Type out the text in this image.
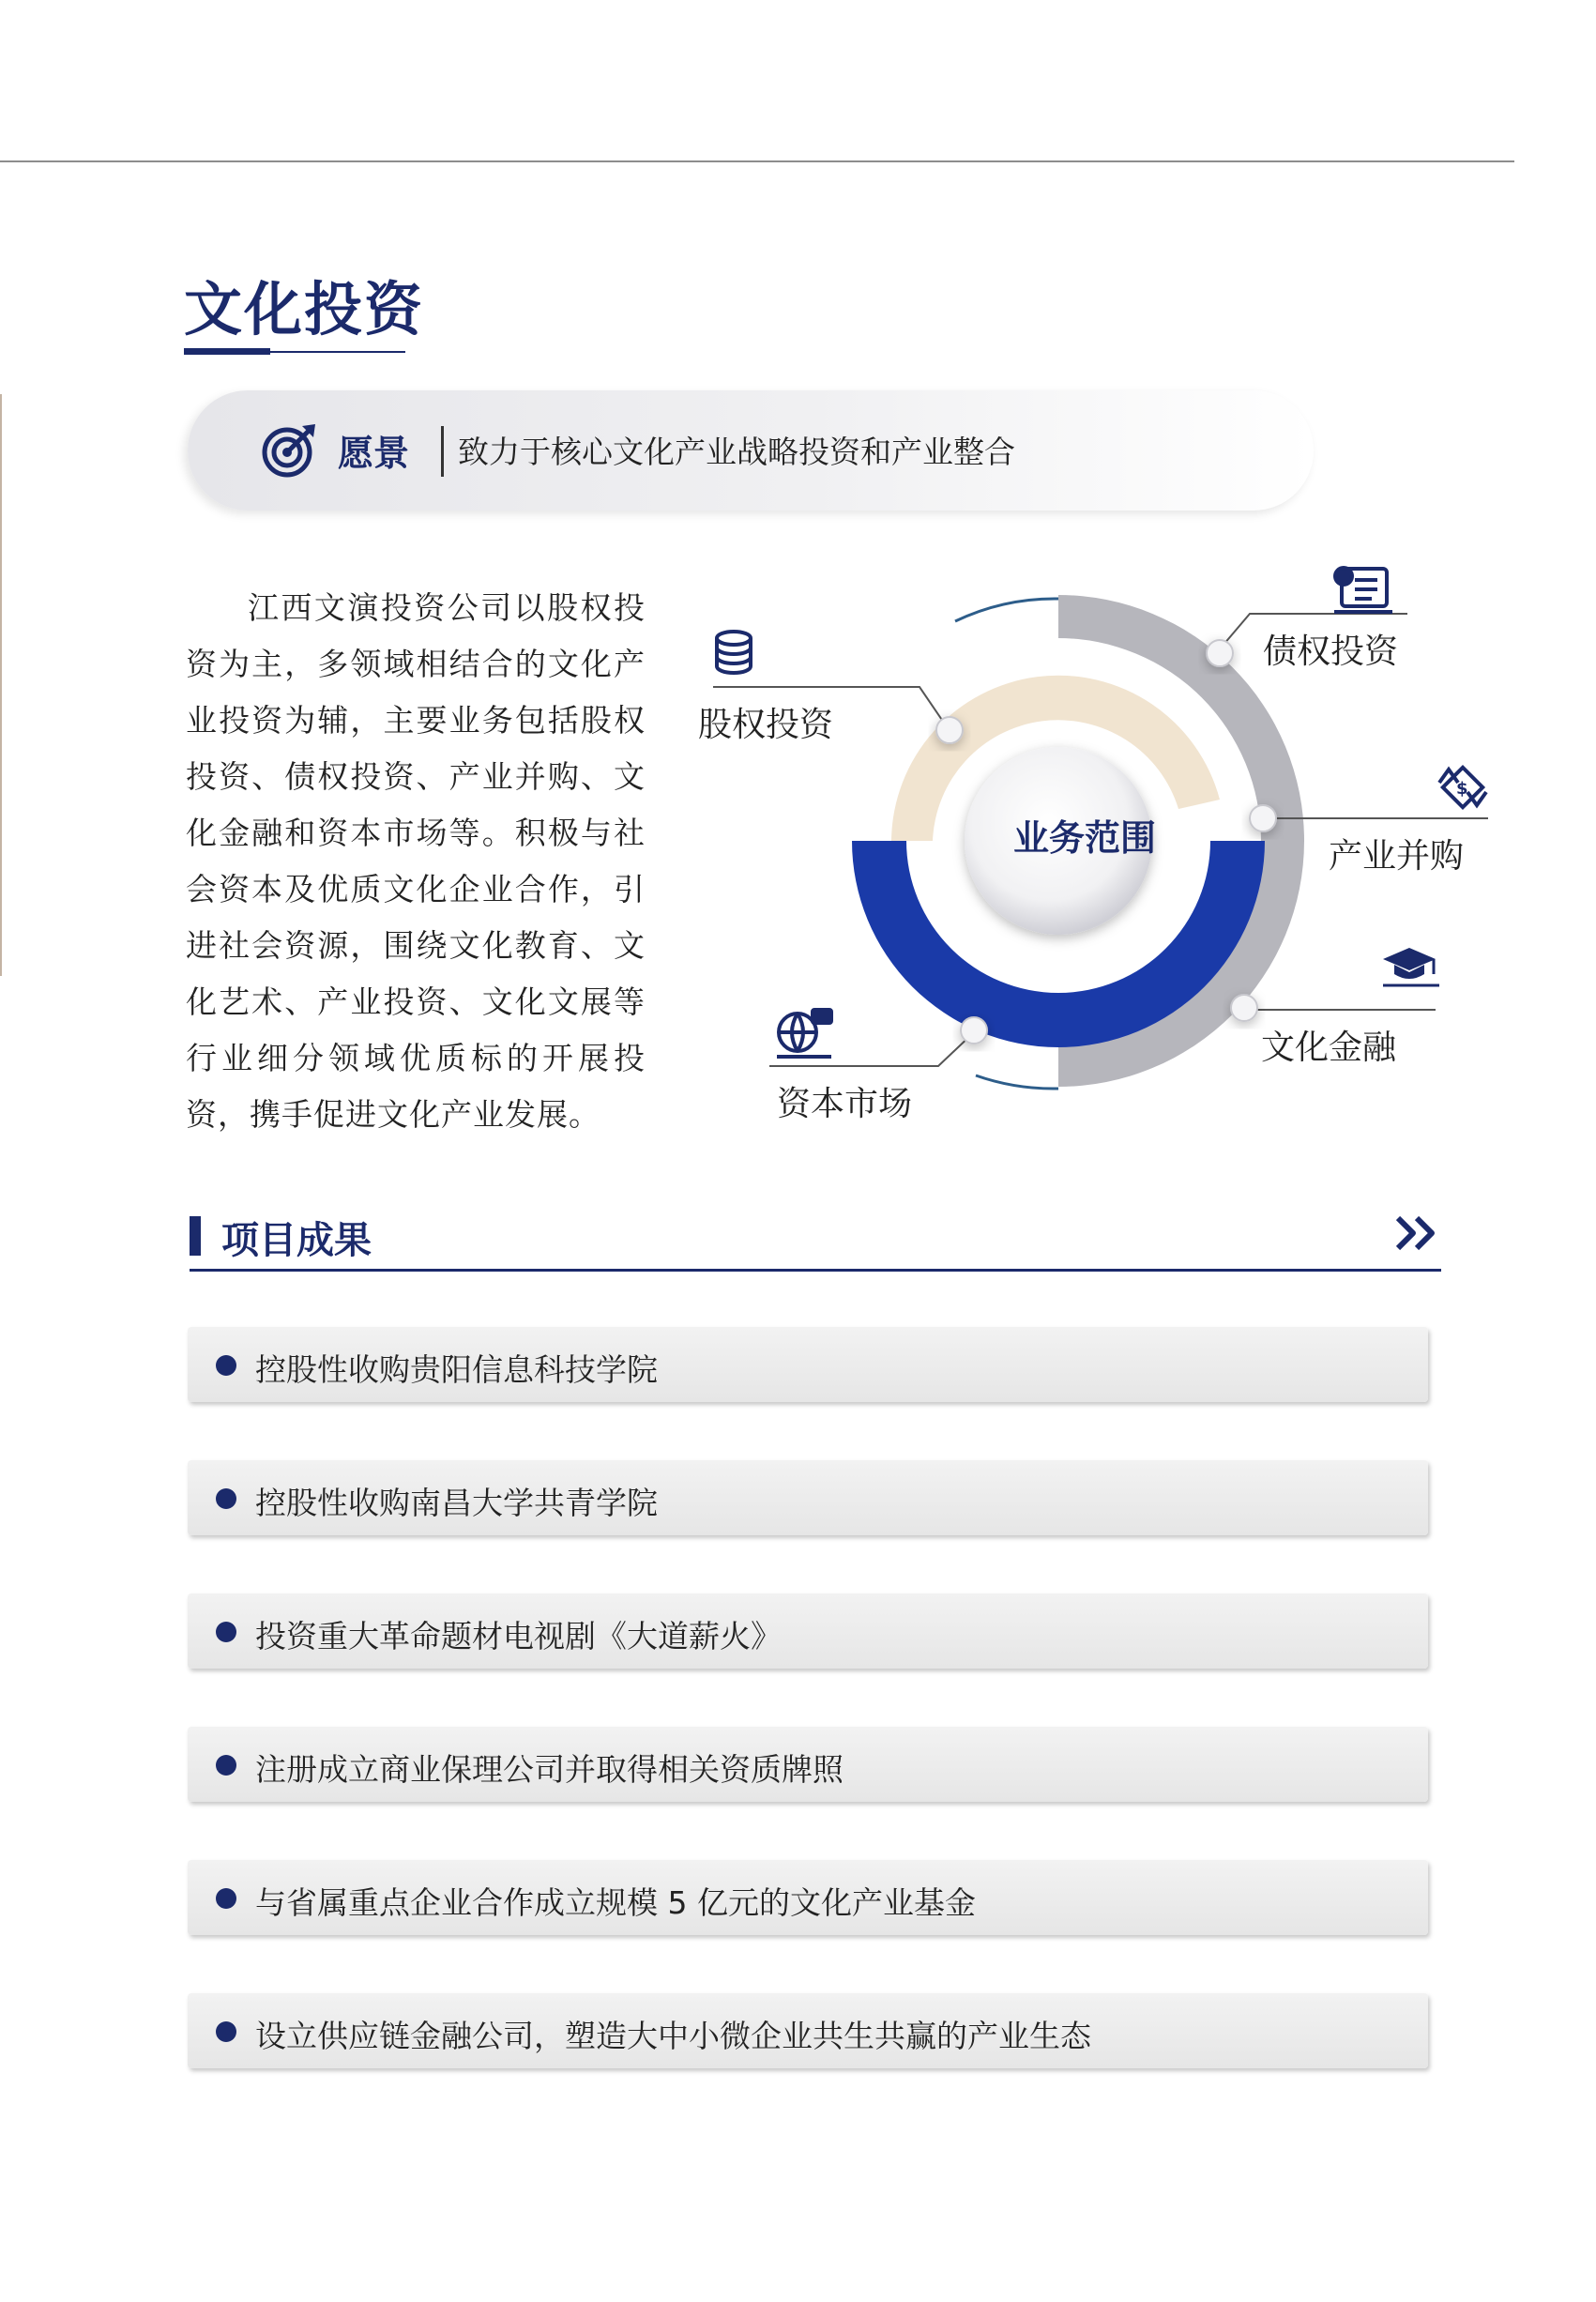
文化投资
愿景 致力于核心文化产业战略投资和产业整合

江西文演投资公司以股权投资为主，多领域相结合的文化产业投资为辅，主要业务包括股权投资、债权投资、产业并购、文化金融和资本市场等。积极与社会资本及优质文化企业合作，引进社会资源，围绕文化教育、文化艺术、产业投资、文化文展等行业细分领域优质标的开展投资，携手促进文化产业发展。

$
业务范围
股权投资
债权投资
产业并购
文化金融
资本市场
项目成果
控股性收购贵阳信息科技学院
控股性收购南昌大学共青学院
投资重大革命题材电视剧《大道薪火》
注册成立商业保理公司并取得相关资质牌照
与省属重点企业合作成立规模 5 亿元的文化产业基金
设立供应链金融公司，塑造大中小微企业共生共赢的产业生态
